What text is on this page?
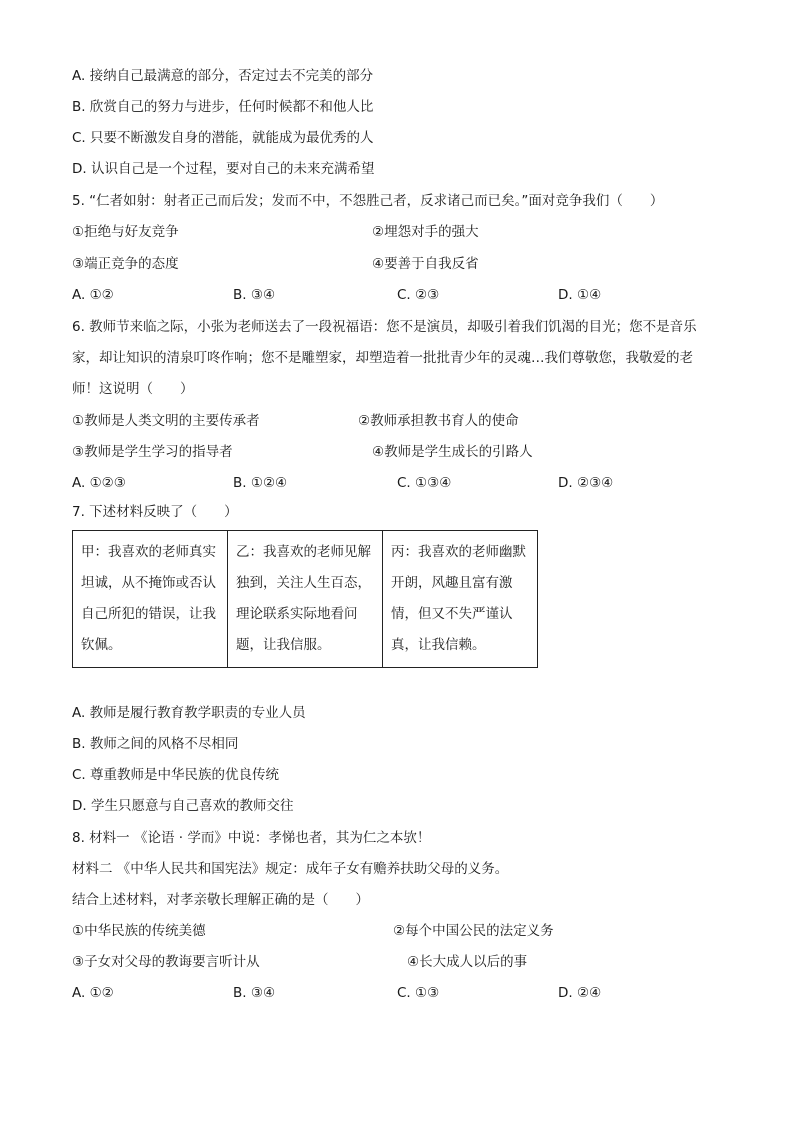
A. 接纳自己最满意的部分，否定过去不完美的部分
B. 欣赏自己的努力与进步，任何时候都不和他人比
C. 只要不断激发自身的潜能，就能成为最优秀的人
D. 认识自己是一个过程，要对自己的未来充满希望
5. “仁者如射：射者正己而后发；发而不中，不怨胜己者，反求诸己而已矣。”面对竞争我们（　　）
①拒绝与好友竞争	②埋怨对手的强大
③端正竞争的态度	④要善于自我反省
A. ①②	B. ③④	C. ②③	D. ①④
6. 教师节来临之际，小张为老师送去了一段祝福语：您不是演员，却吸引着我们饥渴的目光；您不是音乐
家，却让知识的清泉叮咚作响；您不是雕塑家，却塑造着一批批青少年的灵魂…我们尊敬您，我敬爱的老
师！这说明（　　）
①教师是人类文明的主要传承者	②教师承担教书育人的使命
③教师是学生学习的指导者	④教师是学生成长的引路人
A. ①②③	B. ①②④	C. ①③④	D. ②③④
7. 下述材料反映了（　　）
甲：我喜欢的老师真实坦诚，从不掩饰或否认自己所犯的错误，让我钦佩。	乙：我喜欢的老师见解独到，关注人生百态，理论联系实际地看问题，让我信服。	丙：我喜欢的老师幽默开朗，风趣且富有激情，但又不失严谨认真，让我信赖。
A. 教师是履行教育教学职责的专业人员
B. 教师之间的风格不尽相同
C. 尊重教师是中华民族的优良传统
D. 学生只愿意与自己喜欢的教师交往
8. 材料一 《论语 · 学而》中说：孝悌也者，其为仁之本欤！
材料二 《中华人民共和国宪法》规定：成年子女有赡养扶助父母的义务。
结合上述材料，对孝亲敬长理解正确的是（　　）
①中华民族的传统美德	②每个中国公民的法定义务
③子女对父母的教诲要言听计从	④长大成人以后的事
A. ①②	B. ③④	C. ①③	D. ②④
